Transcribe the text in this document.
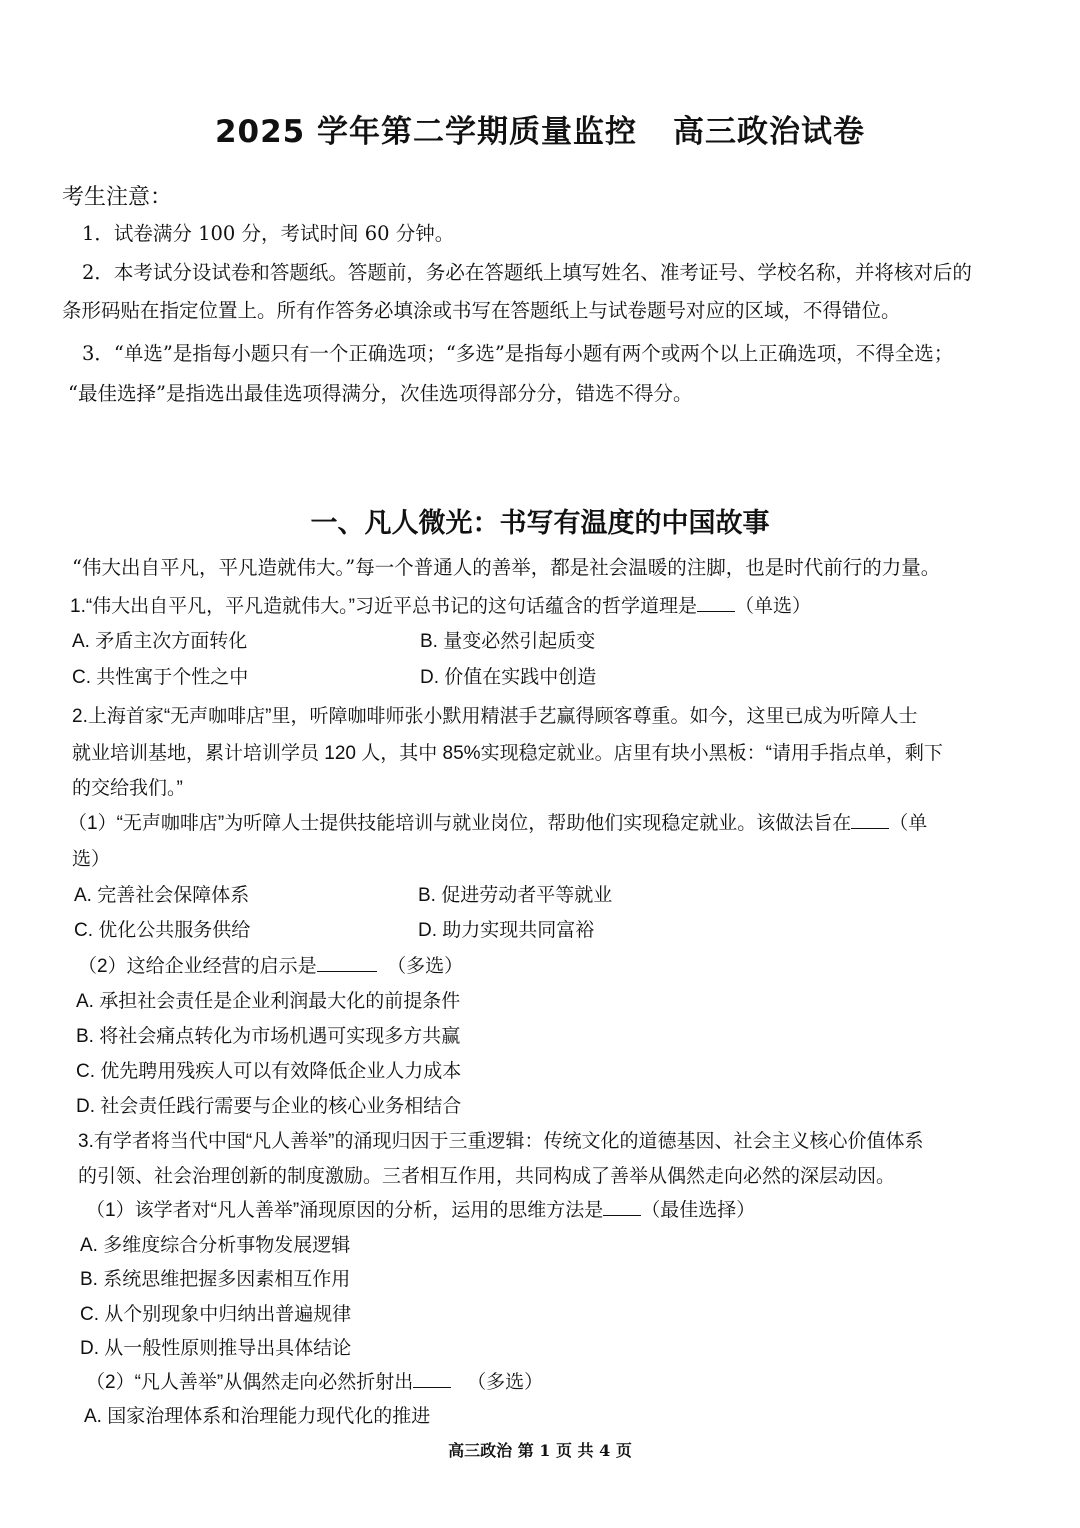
2025 学年第二学期质量监控 高三政治试卷
考生注意：
1．试卷满分 100 分，考试时间 60 分钟。
2．本考试分设试卷和答题纸。答题前，务必在答题纸上填写姓名、准考证号、学校名称，并将核对后的
条形码贴在指定位置上。所有作答务必填涂或书写在答题纸上与试卷题号对应的区域，不得错位。
3．“单选”是指每小题只有一个正确选项；“多选”是指每小题有两个或两个以上正确选项，不得全选；
“最佳选择”是指选出最佳选项得满分，次佳选项得部分分，错选不得分。
一、凡人微光：书写有温度的中国故事
“伟大出自平凡，平凡造就伟大。”每一个普通人的善举，都是社会温暖的注脚，也是时代前行的力量。
1.“伟大出自平凡，平凡造就伟大。”习近平总书记的这句话蕴含的哲学道理是 （单选）
A. 矛盾主次方面转化	B. 量变必然引起质变
C. 共性寓于个性之中	D. 价值在实践中创造
2.上海首家“无声咖啡店”里，听障咖啡师张小默用精湛手艺赢得顾客尊重。如今，这里已成为听障人士
就业培训基地，累计培训学员 120 人，其中 85%实现稳定就业。店里有块小黑板：“请用手指点单，剩下
的交给我们。”
（1）“无声咖啡店”为听障人士提供技能培训与就业岗位，帮助他们实现稳定就业。该做法旨在 （单
选）
A. 完善社会保障体系	B. 促进劳动者平等就业
C. 优化公共服务供给	D. 助力实现共同富裕
（2）这给企业经营的启示是	（多选）
A. 承担社会责任是企业利润最大化的前提条件
B. 将社会痛点转化为市场机遇可实现多方共赢
C. 优先聘用残疾人可以有效降低企业人力成本
D. 社会责任践行需要与企业的核心业务相结合
3.有学者将当代中国“凡人善举”的涌现归因于三重逻辑：传统文化的道德基因、社会主义核心价值体系
的引领、社会治理创新的制度激励。三者相互作用，共同构成了善举从偶然走向必然的深层动因。
（1）该学者对“凡人善举”涌现原因的分析，运用的思维方法是 （最佳选择）
A. 多维度综合分析事物发展逻辑
B. 系统思维把握多因素相互作用
C. 从个别现象中归纳出普遍规律
D. 从一般性原则推导出具体结论
（2）“凡人善举”从偶然走向必然折射出	（多选）
A. 国家治理体系和治理能力现代化的推进
高三政治 第 1 页 共 4 页
